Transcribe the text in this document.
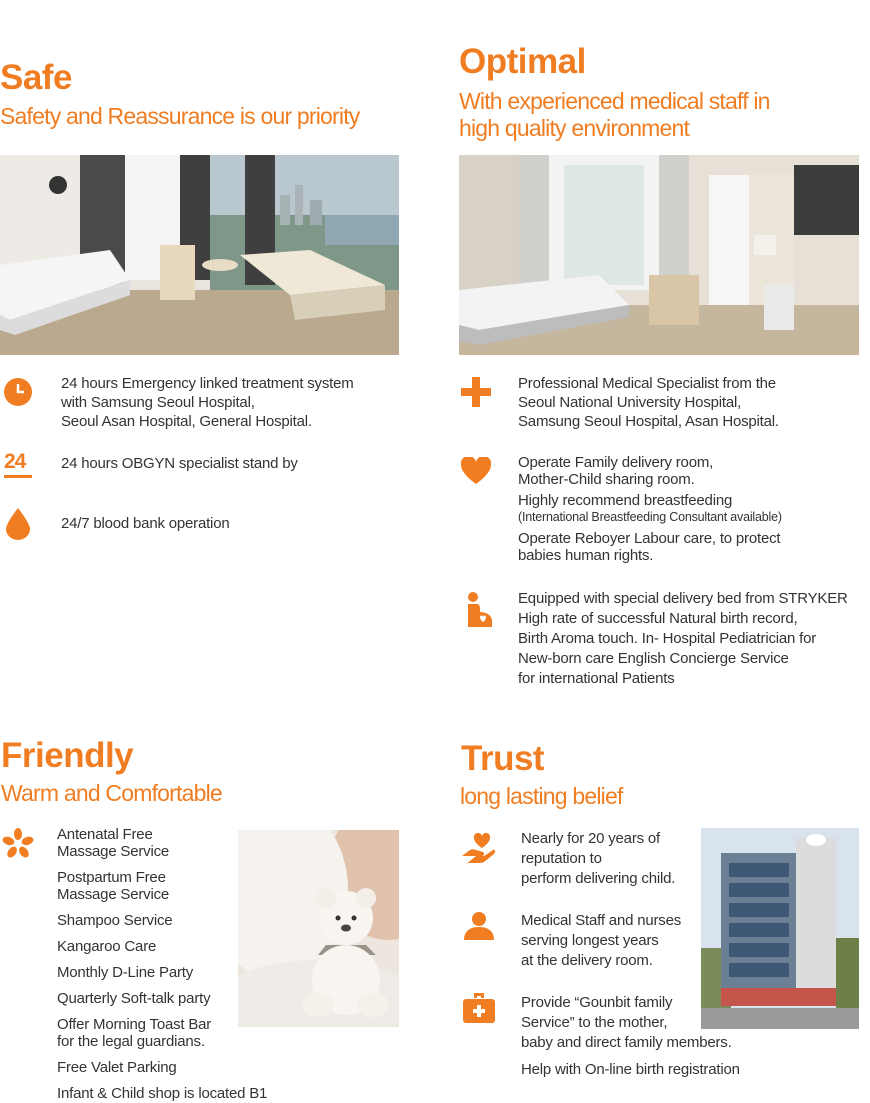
Safe
Safety and Reassurance is our priority
24 hours Emergency linked treatment system
with Samsung Seoul Hospital,
Seoul Asan Hospital, General Hospital.
24	24 hours OBGYN specialist stand by
24/7 blood bank operation
Optimal
With experienced medical staff in
high quality environment
Professional Medical Specialist from the
Seoul National University Hospital,
Samsung Seoul Hospital, Asan Hospital.
Operate Family delivery room,
Mother-Child sharing room.
Highly recommend breastfeeding
(International Breastfeeding Consultant available)
Operate Reboyer Labour care, to protect
babies human rights.
Equipped with special delivery bed from STRYKER
High rate of successful Natural birth record,
Birth Aroma touch. In- Hospital Pediatrician for
New-born care English Concierge Service
for international Patients
Friendly
Warm and Comfortable
Antenatal Free
Massage Service
Postpartum Free
Massage Service
Shampoo Service
Kangaroo Care
Monthly D-Line Party
Quarterly Soft-talk party
Offer Morning Toast Bar
for the legal guardians.
Free Valet Parking
Infant & Child shop is located B1
Trust
long lasting belief
Nearly for 20 years of
reputation to
perform delivering child.
Medical Staff and nurses
serving longest years
at the delivery room.
Provide “Gounbit family
Service” to the mother,
baby and direct family members.
Help with On-line birth registration
